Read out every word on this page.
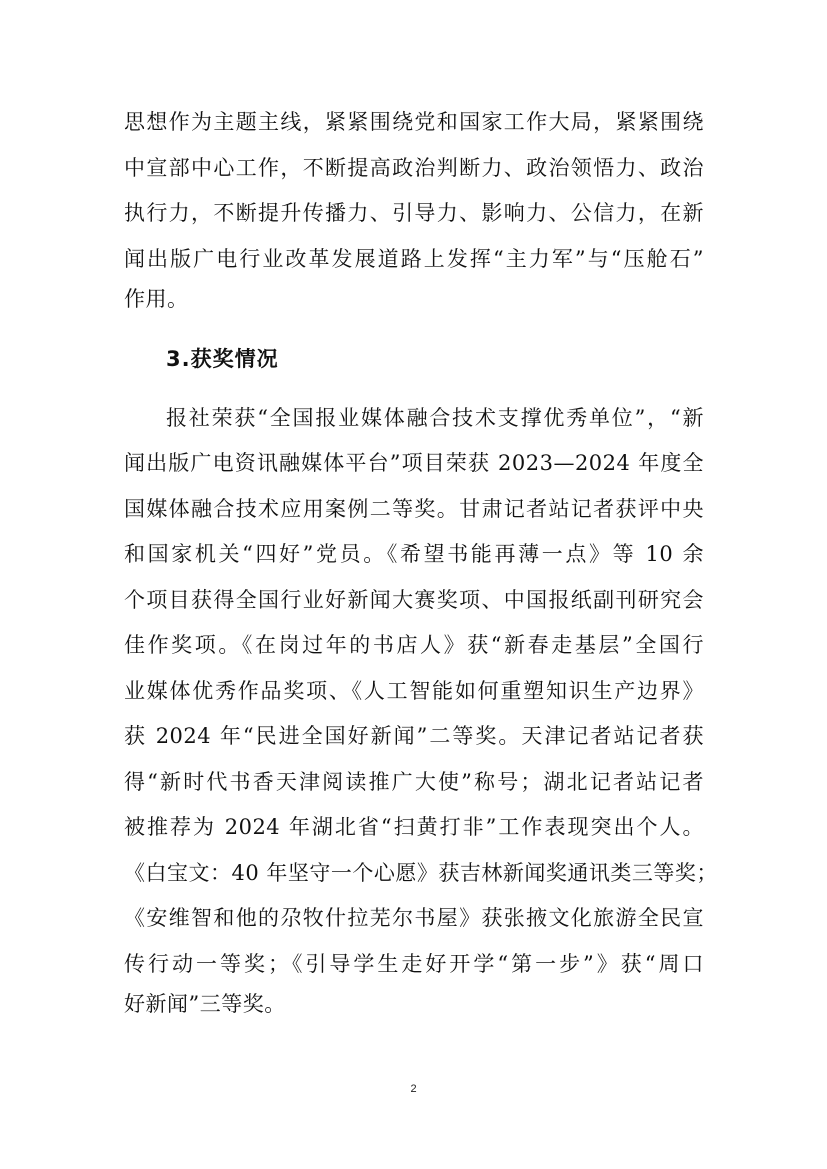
思想作为主题主线，紧紧围绕党和国家工作大局，紧紧围绕
中宣部中心工作，不断提高政治判断力、政治领悟力、政治
执行力，不断提升传播力、引导力、影响力、公信力，在新
闻出版广电行业改革发展道路上发挥“主力军”与“压舱石”
作用。
3.获奖情况
报社荣获“全国报业媒体融合技术支撑优秀单位”，“新
闻出版广电资讯融媒体平台”项目荣获 2023—2024 年度全
国媒体融合技术应用案例二等奖。甘肃记者站记者获评中央
和国家机关“四好”党员。《希望书能再薄一点》等 10 余
个项目获得全国行业好新闻大赛奖项、中国报纸副刊研究会
佳作奖项。《在岗过年的书店人》获“新春走基层”全国行
业媒体优秀作品奖项、《人工智能如何重塑知识生产边界》
获 2024 年“民进全国好新闻”二等奖。天津记者站记者获
得“新时代书香天津阅读推广大使”称号；湖北记者站记者
被推荐为 2024 年湖北省“扫黄打非”工作表现突出个人。
《白宝文：40 年坚守一个心愿》获吉林新闻奖通讯类三等奖；
《安维智和他的尕牧什拉芜尔书屋》获张掖文化旅游全民宣
传行动一等奖；《引导学生走好开学“第一步”》获“周口
好新闻”三等奖。
2
